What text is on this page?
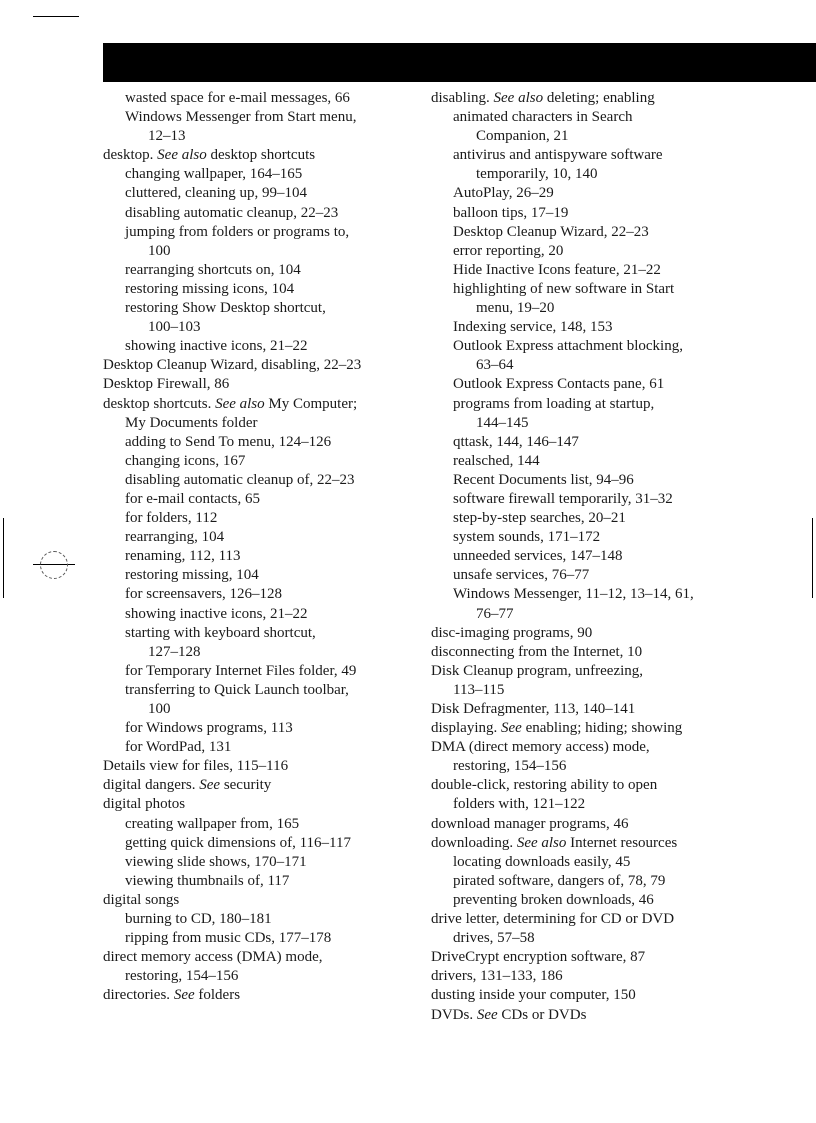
wasted space for e-mail messages, 66

Windows Messenger from Start menu,

12–13

desktop. See also desktop shortcuts

changing wallpaper, 164–165

cluttered, cleaning up, 99–104

disabling automatic cleanup, 22–23

jumping from folders or programs to,

100

rearranging shortcuts on, 104

restoring missing icons, 104

restoring Show Desktop shortcut,

100–103

showing inactive icons, 21–22

Desktop Cleanup Wizard, disabling, 22–23

Desktop Firewall, 86

desktop shortcuts. See also My Computer;

My Documents folder

adding to Send To menu, 124–126

changing icons, 167

disabling automatic cleanup of, 22–23

for e-mail contacts, 65

for folders, 112

rearranging, 104

renaming, 112, 113

restoring missing, 104

for screensavers, 126–128

showing inactive icons, 21–22

starting with keyboard shortcut,

127–128

for Temporary Internet Files folder, 49

transferring to Quick Launch toolbar,

100

for Windows programs, 113

for WordPad, 131

Details view for files, 115–116

digital dangers. See security

digital photos

creating wallpaper from, 165

getting quick dimensions of, 116–117

viewing slide shows, 170–171

viewing thumbnails of, 117

digital songs

burning to CD, 180–181

ripping from music CDs, 177–178

direct memory access (DMA) mode,

restoring, 154–156

directories. See folders

disabling. See also deleting; enabling

animated characters in Search

Companion, 21

antivirus and antispyware software

temporarily, 10, 140

AutoPlay, 26–29

balloon tips, 17–19

Desktop Cleanup Wizard, 22–23

error reporting, 20

Hide Inactive Icons feature, 21–22

highlighting of new software in Start

menu, 19–20

Indexing service, 148, 153

Outlook Express attachment blocking,

63–64

Outlook Express Contacts pane, 61

programs from loading at startup,

144–145

qttask, 144, 146–147

realsched, 144

Recent Documents list, 94–96

software firewall temporarily, 31–32

step-by-step searches, 20–21

system sounds, 171–172

unneeded services, 147–148

unsafe services, 76–77

Windows Messenger, 11–12, 13–14, 61,

76–77

disc-imaging programs, 90

disconnecting from the Internet, 10

Disk Cleanup program, unfreezing,

113–115

Disk Defragmenter, 113, 140–141

displaying. See enabling; hiding; showing

DMA (direct memory access) mode,

restoring, 154–156

double-click, restoring ability to open

folders with, 121–122

download manager programs, 46

downloading. See also Internet resources

locating downloads easily, 45

pirated software, dangers of, 78, 79

preventing broken downloads, 46

drive letter, determining for CD or DVD

drives, 57–58

DriveCrypt encryption software, 87

drivers, 131–133, 186

dusting inside your computer, 150

DVDs. See CDs or DVDs
